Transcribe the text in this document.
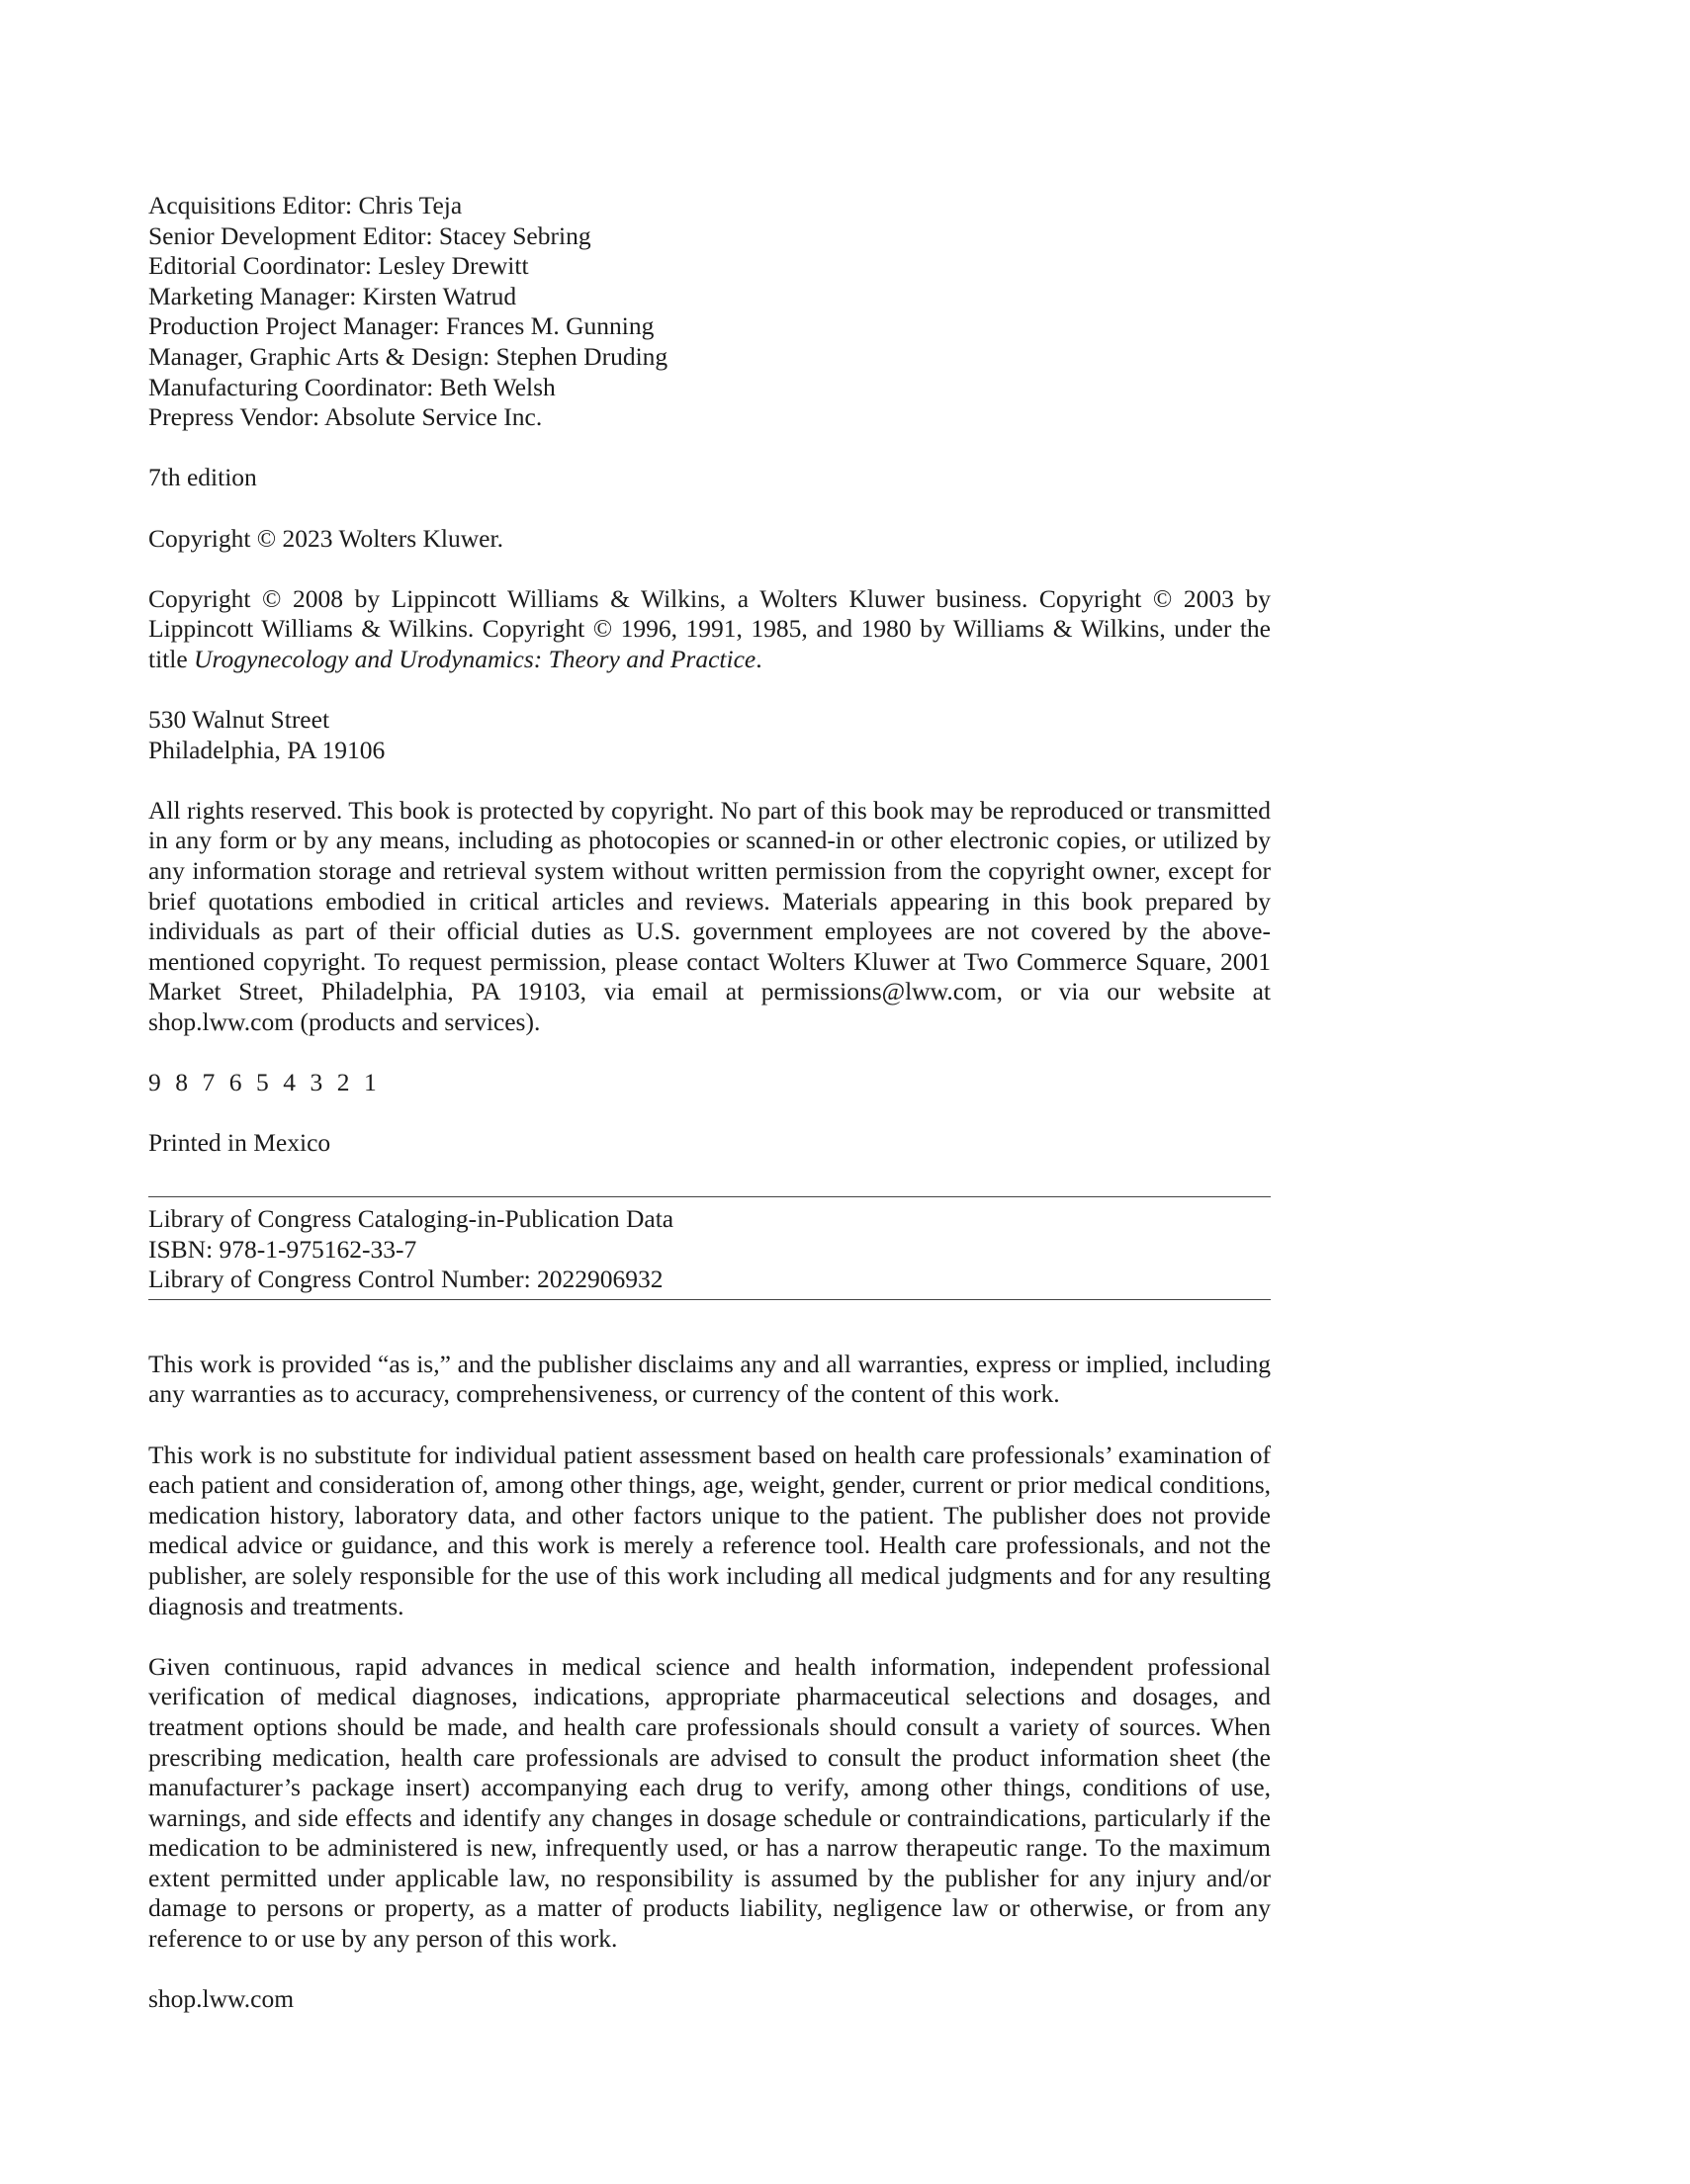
Acquisitions Editor: Chris Teja
Senior Development Editor: Stacey Sebring
Editorial Coordinator: Lesley Drewitt
Marketing Manager: Kirsten Watrud
Production Project Manager: Frances M. Gunning
Manager, Graphic Arts & Design: Stephen Druding
Manufacturing Coordinator: Beth Welsh
Prepress Vendor: Absolute Service Inc.
7th edition
Copyright © 2023 Wolters Kluwer.

Copyright © 2008 by Lippincott Williams & Wilkins, a Wolters Kluwer business. Copyright © 2003 by Lippincott Williams & Wilkins. Copyright © 1996, 1991, 1985, and 1980 by Williams & Wilkins, under the title Urogynecology and Urodynamics: Theory and Practice.

530 Walnut Street
Philadelphia, PA 19106

All rights reserved. This book is protected by copyright. No part of this book may be reproduced or transmitted in any form or by any means, including as photocopies or scanned-in or other electronic copies, or utilized by any information storage and retrieval system without written permission from the copyright owner, except for brief quotations embodied in critical articles and reviews. Materials appearing in this book prepared by individuals as part of their official duties as U.S. government employees are not covered by the above-mentioned copyright. To request permission, please contact Wolters Kluwer at Two Commerce Square, 2001 Market Street, Philadelphia, PA 19103, via email at permissions@lww.com, or via our website at shop.lww.com (products and services).

9 8 7 6 5 4 3 2 1
Printed in Mexico
Library of Congress Cataloging-in-Publication Data
ISBN: 978-1-975162-33-7
Library of Congress Control Number: 2022906932

This work is provided “as is,” and the publisher disclaims any and all warranties, express or implied, including any warranties as to accuracy, comprehensiveness, or currency of the content of this work.

This work is no substitute for individual patient assessment based on health care professionals’ examination of each patient and consideration of, among other things, age, weight, gender, current or prior medical conditions, medication history, laboratory data, and other factors unique to the patient. The publisher does not provide medical advice or guidance, and this work is merely a reference tool. Health care professionals, and not the publisher, are solely responsible for the use of this work including all medical judgments and for any resulting diagnosis and treatments.

Given continuous, rapid advances in medical science and health information, independent professional verification of medical diagnoses, indications, appropriate pharmaceutical selections and dosages, and treatment options should be made, and health care professionals should consult a variety of sources. When prescribing medication, health care professionals are advised to consult the product information sheet (the manufacturer’s package insert) accompanying each drug to verify, among other things, conditions of use, warnings, and side effects and identify any changes in dosage schedule or contraindications, particularly if the medication to be administered is new, infrequently used, or has a narrow therapeutic range. To the maximum extent permitted under applicable law, no responsibility is assumed by the publisher for any injury and/or damage to persons or property, as a matter of products liability, negligence law or otherwise, or from any reference to or use by any person of this work.

shop.lww.com
